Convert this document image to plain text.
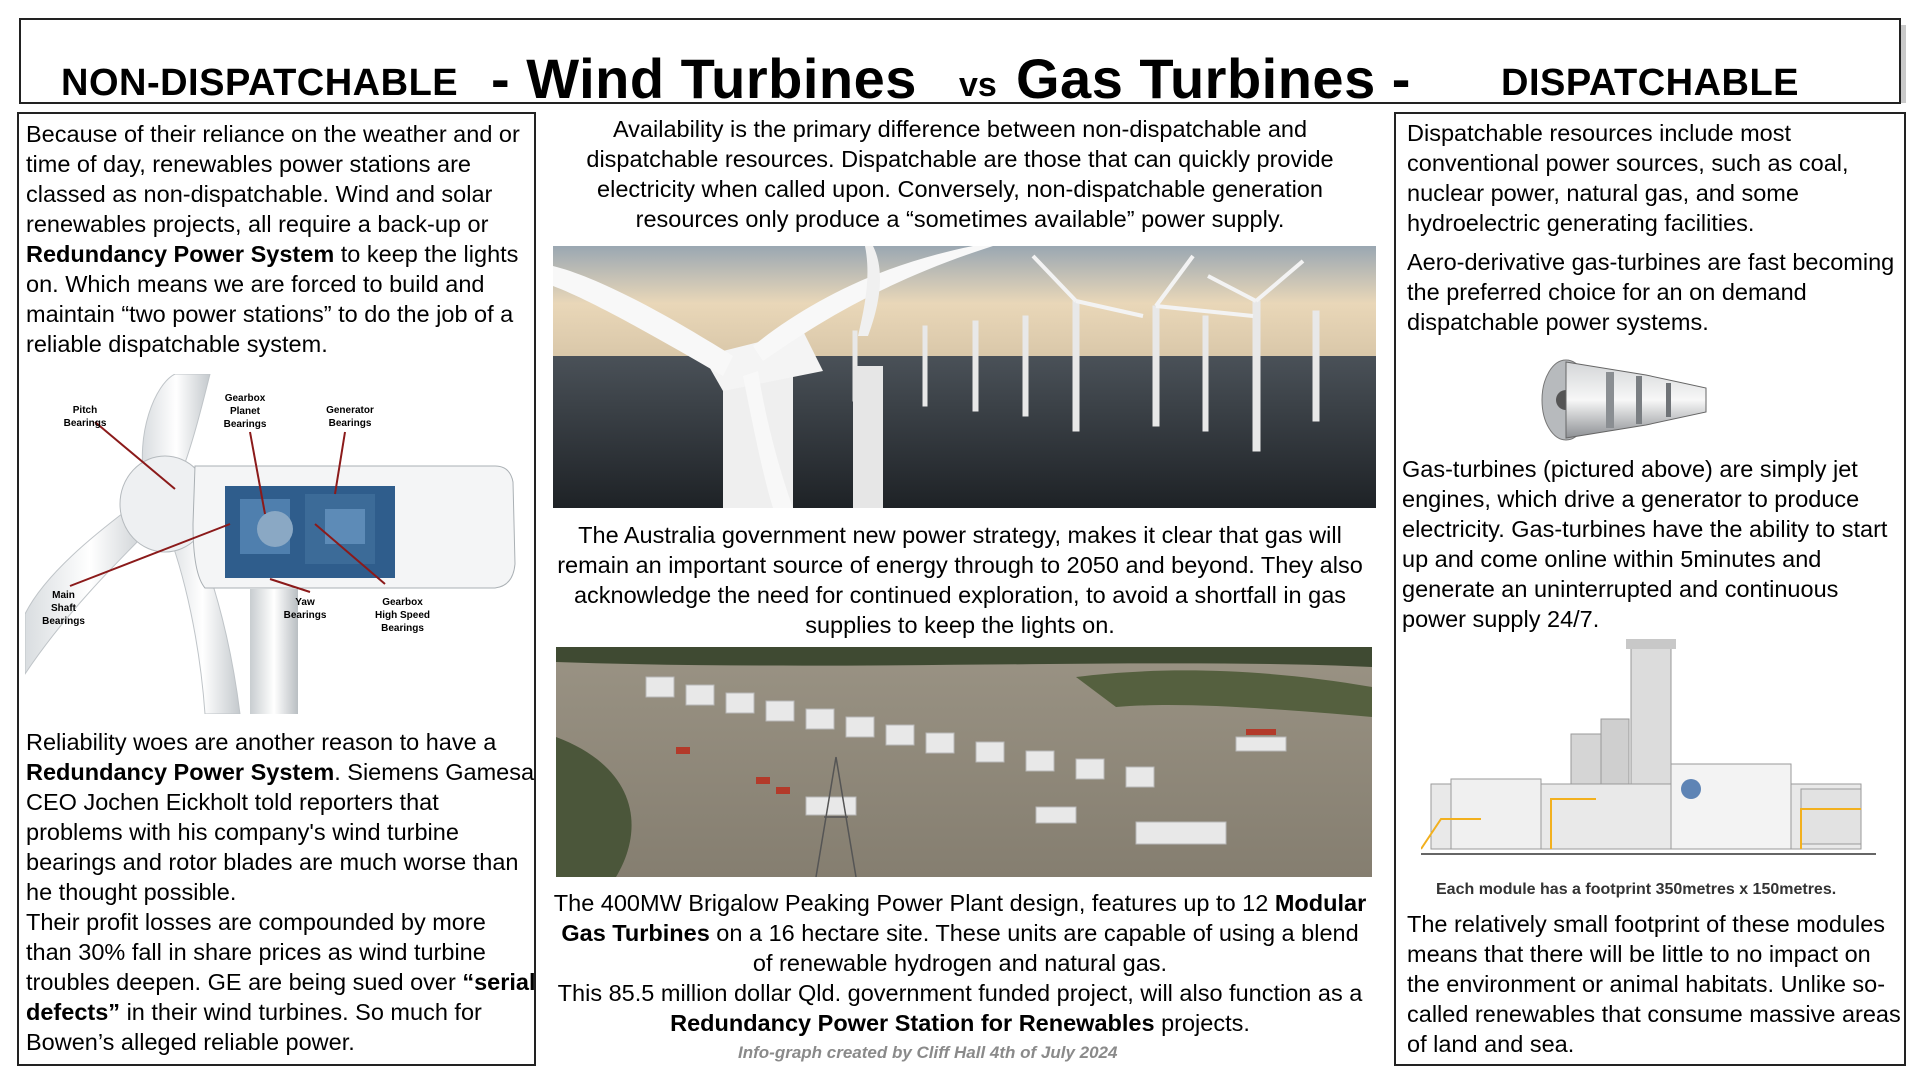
NON-DISPATCHABLE - Wind Turbines vs Gas Turbines - DISPATCHABLE
Because of their reliance on the weather and or time of day, renewables power stations are classed as non-dispatchable. Wind and solar renewables projects, all require a back-up or Redundancy Power System to keep the lights on. Which means we are forced to build and maintain “two power stations” to do the job of a reliable dispatchable system.
Pitch Bearings
Gearbox Planet Bearings
Generator Bearings
Main Shaft Bearings
Yaw Bearings
Gearbox High Speed Bearings
Reliability woes are another reason to have a Redundancy Power System. Siemens Gamesa CEO Jochen Eickholt told reporters that problems with his company's wind turbine bearings and rotor blades are much worse than he thought possible.
Their profit losses are compounded by more than 30% fall in share prices as wind turbine troubles deepen. GE are being sued over “serial defects” in their wind turbines. So much for Bowen’s alleged reliable power.
Availability is the primary difference between non-dispatchable and dispatchable resources. Dispatchable are those that can quickly provide electricity when called upon. Conversely, non-dispatchable generation resources only produce a “sometimes available” power supply.
The Australia government new power strategy, makes it clear that gas will remain an important source of energy through to 2050 and beyond. They also acknowledge the need for continued exploration, to avoid a shortfall in gas supplies to keep the lights on.
The 400MW Brigalow Peaking Power Plant design, features up to 12 Modular Gas Turbines on a 16 hectare site. These units are capable of using a blend of renewable hydrogen and natural gas.
This 85.5 million dollar Qld. government funded project, will also function as a Redundancy Power Station for Renewables projects.
Info-graph created by Cliff Hall 4th of July 2024
Dispatchable resources include most conventional power sources, such as coal, nuclear power, natural gas, and some hydroelectric generating facilities.
Aero-derivative gas-turbines are fast becoming the preferred choice for an on demand dispatchable power systems.
Gas-turbines (pictured above) are simply jet engines, which drive a generator to produce electricity. Gas-turbines have the ability to start up and come online within 5minutes and generate an uninterrupted and continuous power supply 24/7.
Each module has a footprint 350metres x 150metres.
The relatively small footprint of these modules means that there will be little to no impact on the environment or animal habitats. Unlike so-called renewables that consume massive areas of land and sea.
